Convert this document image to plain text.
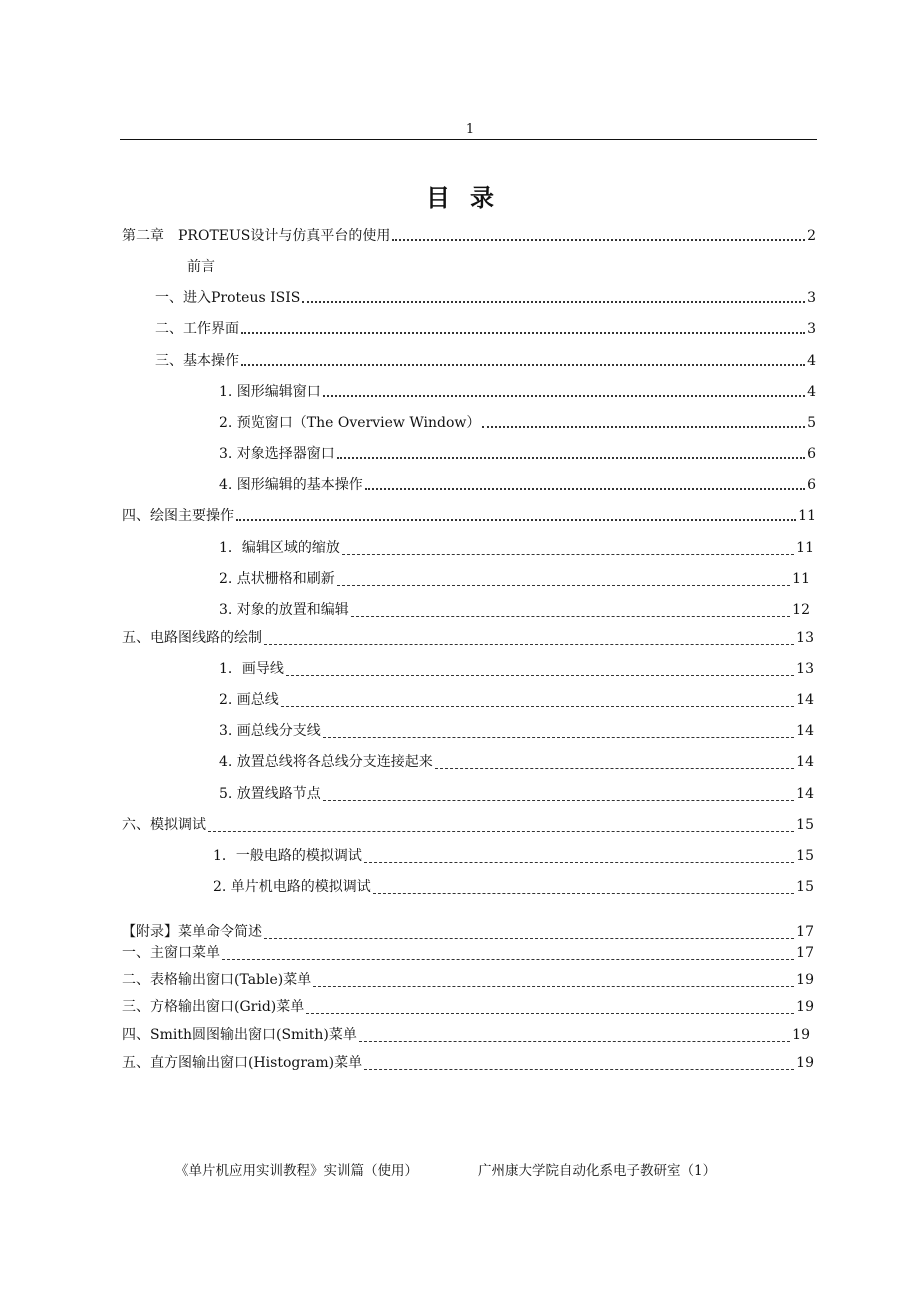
1
目录
第二章　PROTEUS设计与仿真平台的使用	2
前言
一、进入Proteus ISIS	3
二、工作界面	3
三、基本操作	4
1. 图形编辑窗口	4
2. 预览窗口（The Overview Window）	5
3. 对象选择器窗口	6
4. 图形编辑的基本操作	6
四、绘图主要操作	11
1．编辑区域的缩放	11
2. 点状栅格和刷新	11
3. 对象的放置和编辑	12
五、电路图线路的绘制	13
1．画导线	13
2. 画总线	14
3. 画总线分支线	14
4. 放置总线将各总线分支连接起来	14
5. 放置线路节点	14
六、模拟调试	15
1．一般电路的模拟调试	15
2. 单片机电路的模拟调试	15
【附录】菜单命令简述	17
一、主窗口菜单	17
二、表格输出窗口(Table)菜单	19
三、方格输出窗口(Grid)菜单	19
四、Smith圆图输出窗口(Smith)菜单	19
五、直方图输出窗口(Histogram)菜单	19
《单片机应用实训教程》实训篇（使用）	广州康大学院自动化系电子教研室（1）
